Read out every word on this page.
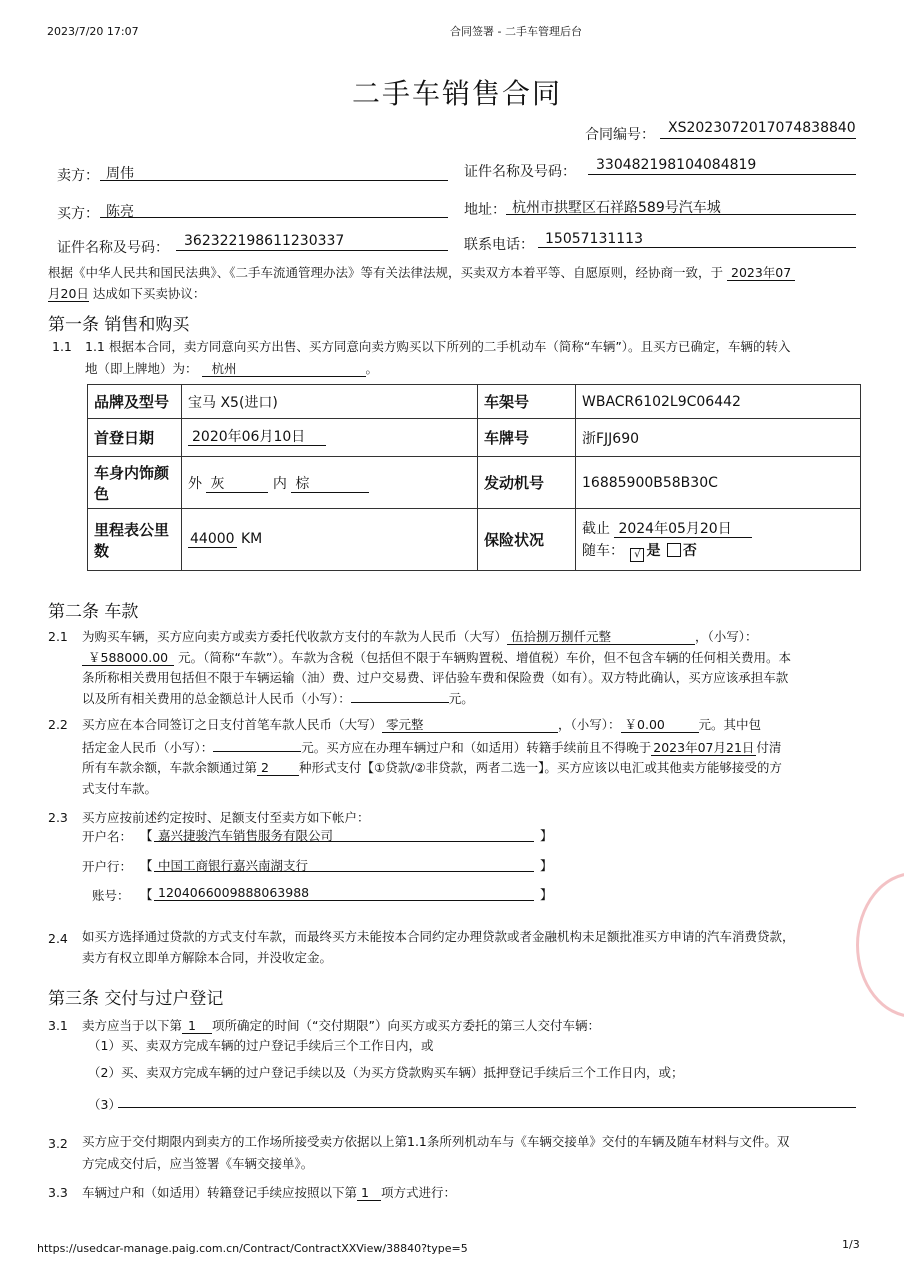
2023/7/20 17:07	合同签署 - 二手车管理后台
二手车销售合同
合同编号： XS20230720170748388​40
卖方： 周伟	证件名称及号码： 330482198104084819
买方： 陈亮	地址： 杭州市拱墅区石祥路589号汽车城
证件名称及号码： 362322198611230337	联系电话： 15057131113
根据《中华人民共和国民法典》、《二手车流通管理办法》等有关法律法规，买卖双方本着平等、自愿原则，经协商一致，于 2023年07
月20日 达成如下买卖协议：
第一条 销售和购买
1.1 1.1 根据本合同，卖方同意向买方出售、买方同意向卖方购买以下所列的二手机动车（简称“车辆”）。且买方已确定，车辆的转入
地（即上牌地）为： 杭州	。
品牌及型号	宝马 X5(进口)	车架号	WBACR6102L9C06442
首登日期	2020年06月10日	车牌号	浙FJJ690
车身内饰颜色	外 灰 内 棕	发动机号	16885900B58B30C
里程表公里数	44000 KM	保险状况	截止 2024年05月20日
随车： √ 是 否
第二条 车款
2.1 为购买车辆，买方应向卖方或卖方委托代收款方支付的车款为人民币（大写） 伍拾捌万捌仟元整	，（小写）：
￥588000.00 元。（简称“车款”）。车款为含税（包括但不限于车辆购置税、增值税）车价，但不包含车辆的任何相关费用。本
条所称相关费用包括但不限于车辆运输（油）费、过户交易费、评估验车费和保险费（如有）。双方特此确认，买方应该承担车款
以及所有相关费用的总金额总计人民币（小写）：	元。
2.2 买方应在本合同签订之日支付首笔车款人民币（大写） 零元整	，（小写）： ￥0.00	元。其中包
括定金人民币（小写）：	元。买方应在办理车辆过户和（如适用）转籍手续前且不得晚于 2023年07月21日 付清
所有车款余额，车款余额通过第 2 种形式支付【①贷款/②非贷款，两者二选一】。买方应该以电汇或其他卖方能够接受的方
式支付车款。
2.3 买方应按前述约定按时、足额支付至卖方如下帐户：
开户名： 【 嘉兴捷骏汽车销售服务有限公司	】
开户行： 【 中国工商银行嘉兴南湖支行	】
账号： 【 1204066009888063988	】
2.4 如买方选择通过贷款的方式支付车款，而最终买方未能按本合同约定办理贷款或者金融机构未足额批准买方申请的汽车消费贷款，
卖方有权立即单方解除本合同，并没收定金。
第三条 交付与过户登记
3.1 卖方应当于以下第 1 项所确定的时间（“交付期限”）向买方或买方委托的第三人交付车辆：
（1）买、卖双方完成车辆的过户登记手续后三个工作日内，或
（2）买、卖双方完成车辆的过户登记手续以及（为买方贷款购买车辆）抵押登记手续后三个工作日内，或；
（3）
3.2 买方应于交付期限内到卖方的工作场所接受卖方依据以上第1.1条所列机动车与《车辆交接单》交付的车辆及随车材料与文件。双
方完成交付后，应当签署《车辆交接单》。
3.3 车辆过户和（如适用）转籍登记手续应按照以下第 1 项方式进行：
https://usedcar-manage.paig.com.cn/Contract/ContractXXView/38840?type=5	1/3
